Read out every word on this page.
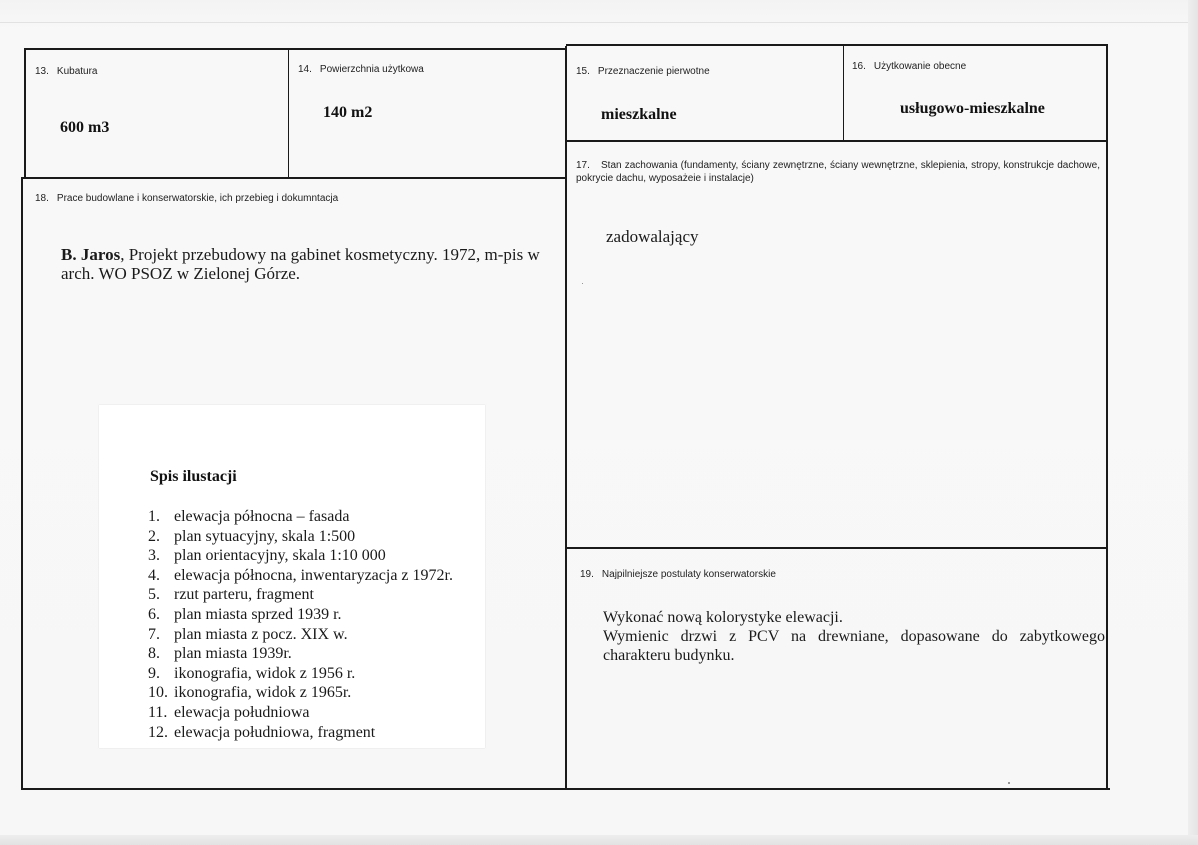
13. Kubatura
600 m3
14. Powierzchnia użytkowa
140 m2
15. Przeznaczenie pierwotne
mieszkalne
16. Użytkowanie obecne
usługowo-mieszkalne
17. Stan zachowania (fundamenty, ściany zewnętrzne, ściany wewnętrzne, sklepienia, stropy, konstrukcje dachowe, pokrycie dachu, wyposażeie i instalacje)
zadowalający
18. Prace budowlane i konserwatorskie, ich przebieg i dokumntacja
B. Jaros, Projekt przebudowy na gabinet kosmetyczny. 1972, m-pis w
arch. WO PSOZ w Zielonej Górze.
Spis ilustacji
1. elewacja północna – fasada
2. plan sytuacyjny, skala 1:500
3. plan orientacyjny, skala 1:10 000
4. elewacja północna, inwentaryzacja z 1972r.
5. rzut parteru, fragment
6. plan miasta sprzed 1939 r.
7. plan miasta z pocz. XIX w.
8. plan miasta 1939r.
9. ikonografia, widok z 1956 r.
10. ikonografia, widok z 1965r.
11. elewacja południowa
12. elewacja południowa, fragment
19. Najpilniejsze postulaty konserwatorskie
Wykonać nową kolorystyke elewacji.
Wymienic drzwi z PCV na drewniane, dopasowane do zabytkowego
charakteru budynku.
